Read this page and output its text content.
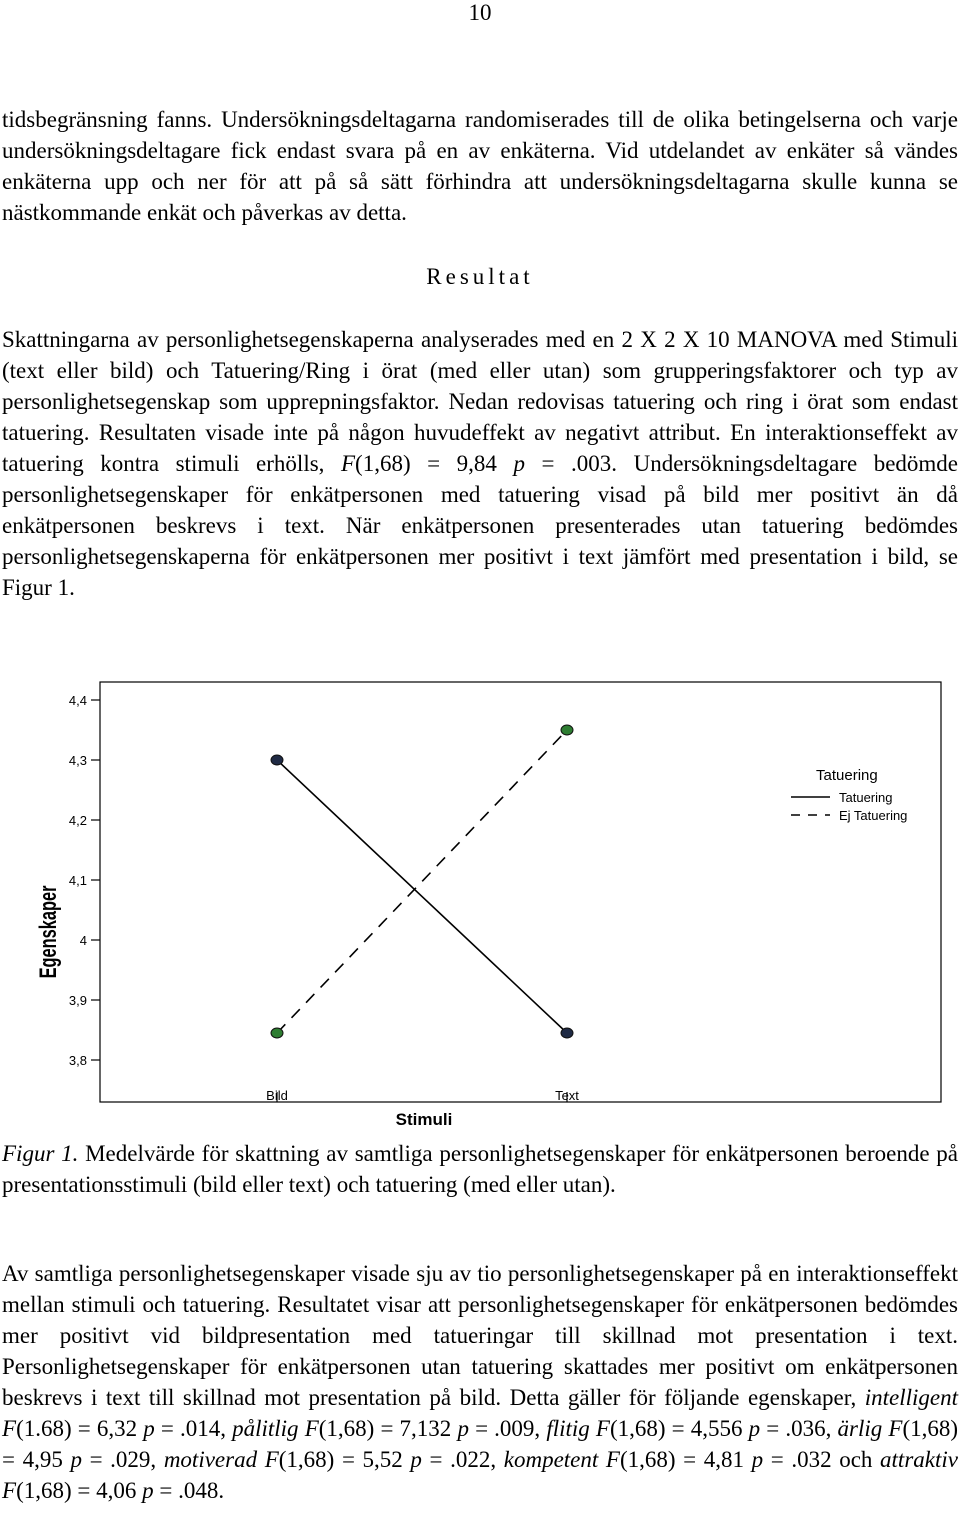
10

tidsbegränsning fanns. Undersökningsdeltagarna randomiserades till de olika betingelserna och varje undersökningsdeltagare fick endast svara på en av enkäterna. Vid utdelandet av enkäter så vändes enkäterna upp och ner för att på så sätt förhindra att undersökningsdeltagarna skulle kunna se nästkommande enkät och påverkas av detta.

Resultat

Skattningarna av personlighetsegenskaperna analyserades med en 2 X 2 X 10 MANOVA med Stimuli (text eller bild) och Tatuering/Ring i örat (med eller utan) som grupperingsfaktorer och typ av personlighetsegenskap som upprepningsfaktor. Nedan redovisas tatuering och ring i örat som endast tatuering. Resultaten visade inte på någon huvudeffekt av negativt attribut. En interaktionseffekt av tatuering kontra stimuli erhölls, F(1,68) = 9,84 p = .003. Undersökningsdeltagare bedömde personlighetsegenskaper för enkätpersonen med tatuering visad på bild mer positivt än då enkätpersonen beskrevs i text. När enkätpersonen presenterades utan tatuering bedömdes personlighetsegenskaperna för enkätpersonen mer positivt i text jämfört med presentation i bild, se Figur 1.

3,8
3,9
4
4,1
4,2
4,3
4,4
Bild	Text
Egenskaper
Stimuli
Tatuering
Tatuering
Ej Tatuering

Figur 1. Medelvärde för skattning av samtliga personlighetsegenskaper för enkätpersonen beroende på presentationsstimuli (bild eller text) och tatuering (med eller utan).

Av samtliga personlighetsegenskaper visade sju av tio personlighetsegenskaper på en interaktionseffekt mellan stimuli och tatuering. Resultatet visar att personlighetsegenskaper för enkätpersonen bedömdes mer positivt vid bildpresentation med tatueringar till skillnad mot presentation i text. Personlighetsegenskaper för enkätpersonen utan tatuering skattades mer positivt om enkätpersonen beskrevs i text till skillnad mot presentation på bild. Detta gäller för följande egenskaper, intelligent F(1.68) = 6,32 p = .014, pålitlig F(1,68) = 7,132 p = .009, flitig F(1,68) = 4,556 p = .036, ärlig F(1,68) = 4,95 p = .029, motiverad F(1,68) = 5,52 p = .022, kompetent F(1,68) = 4,81 p = .032 och attraktiv F(1,68) = 4,06 p = .048.
